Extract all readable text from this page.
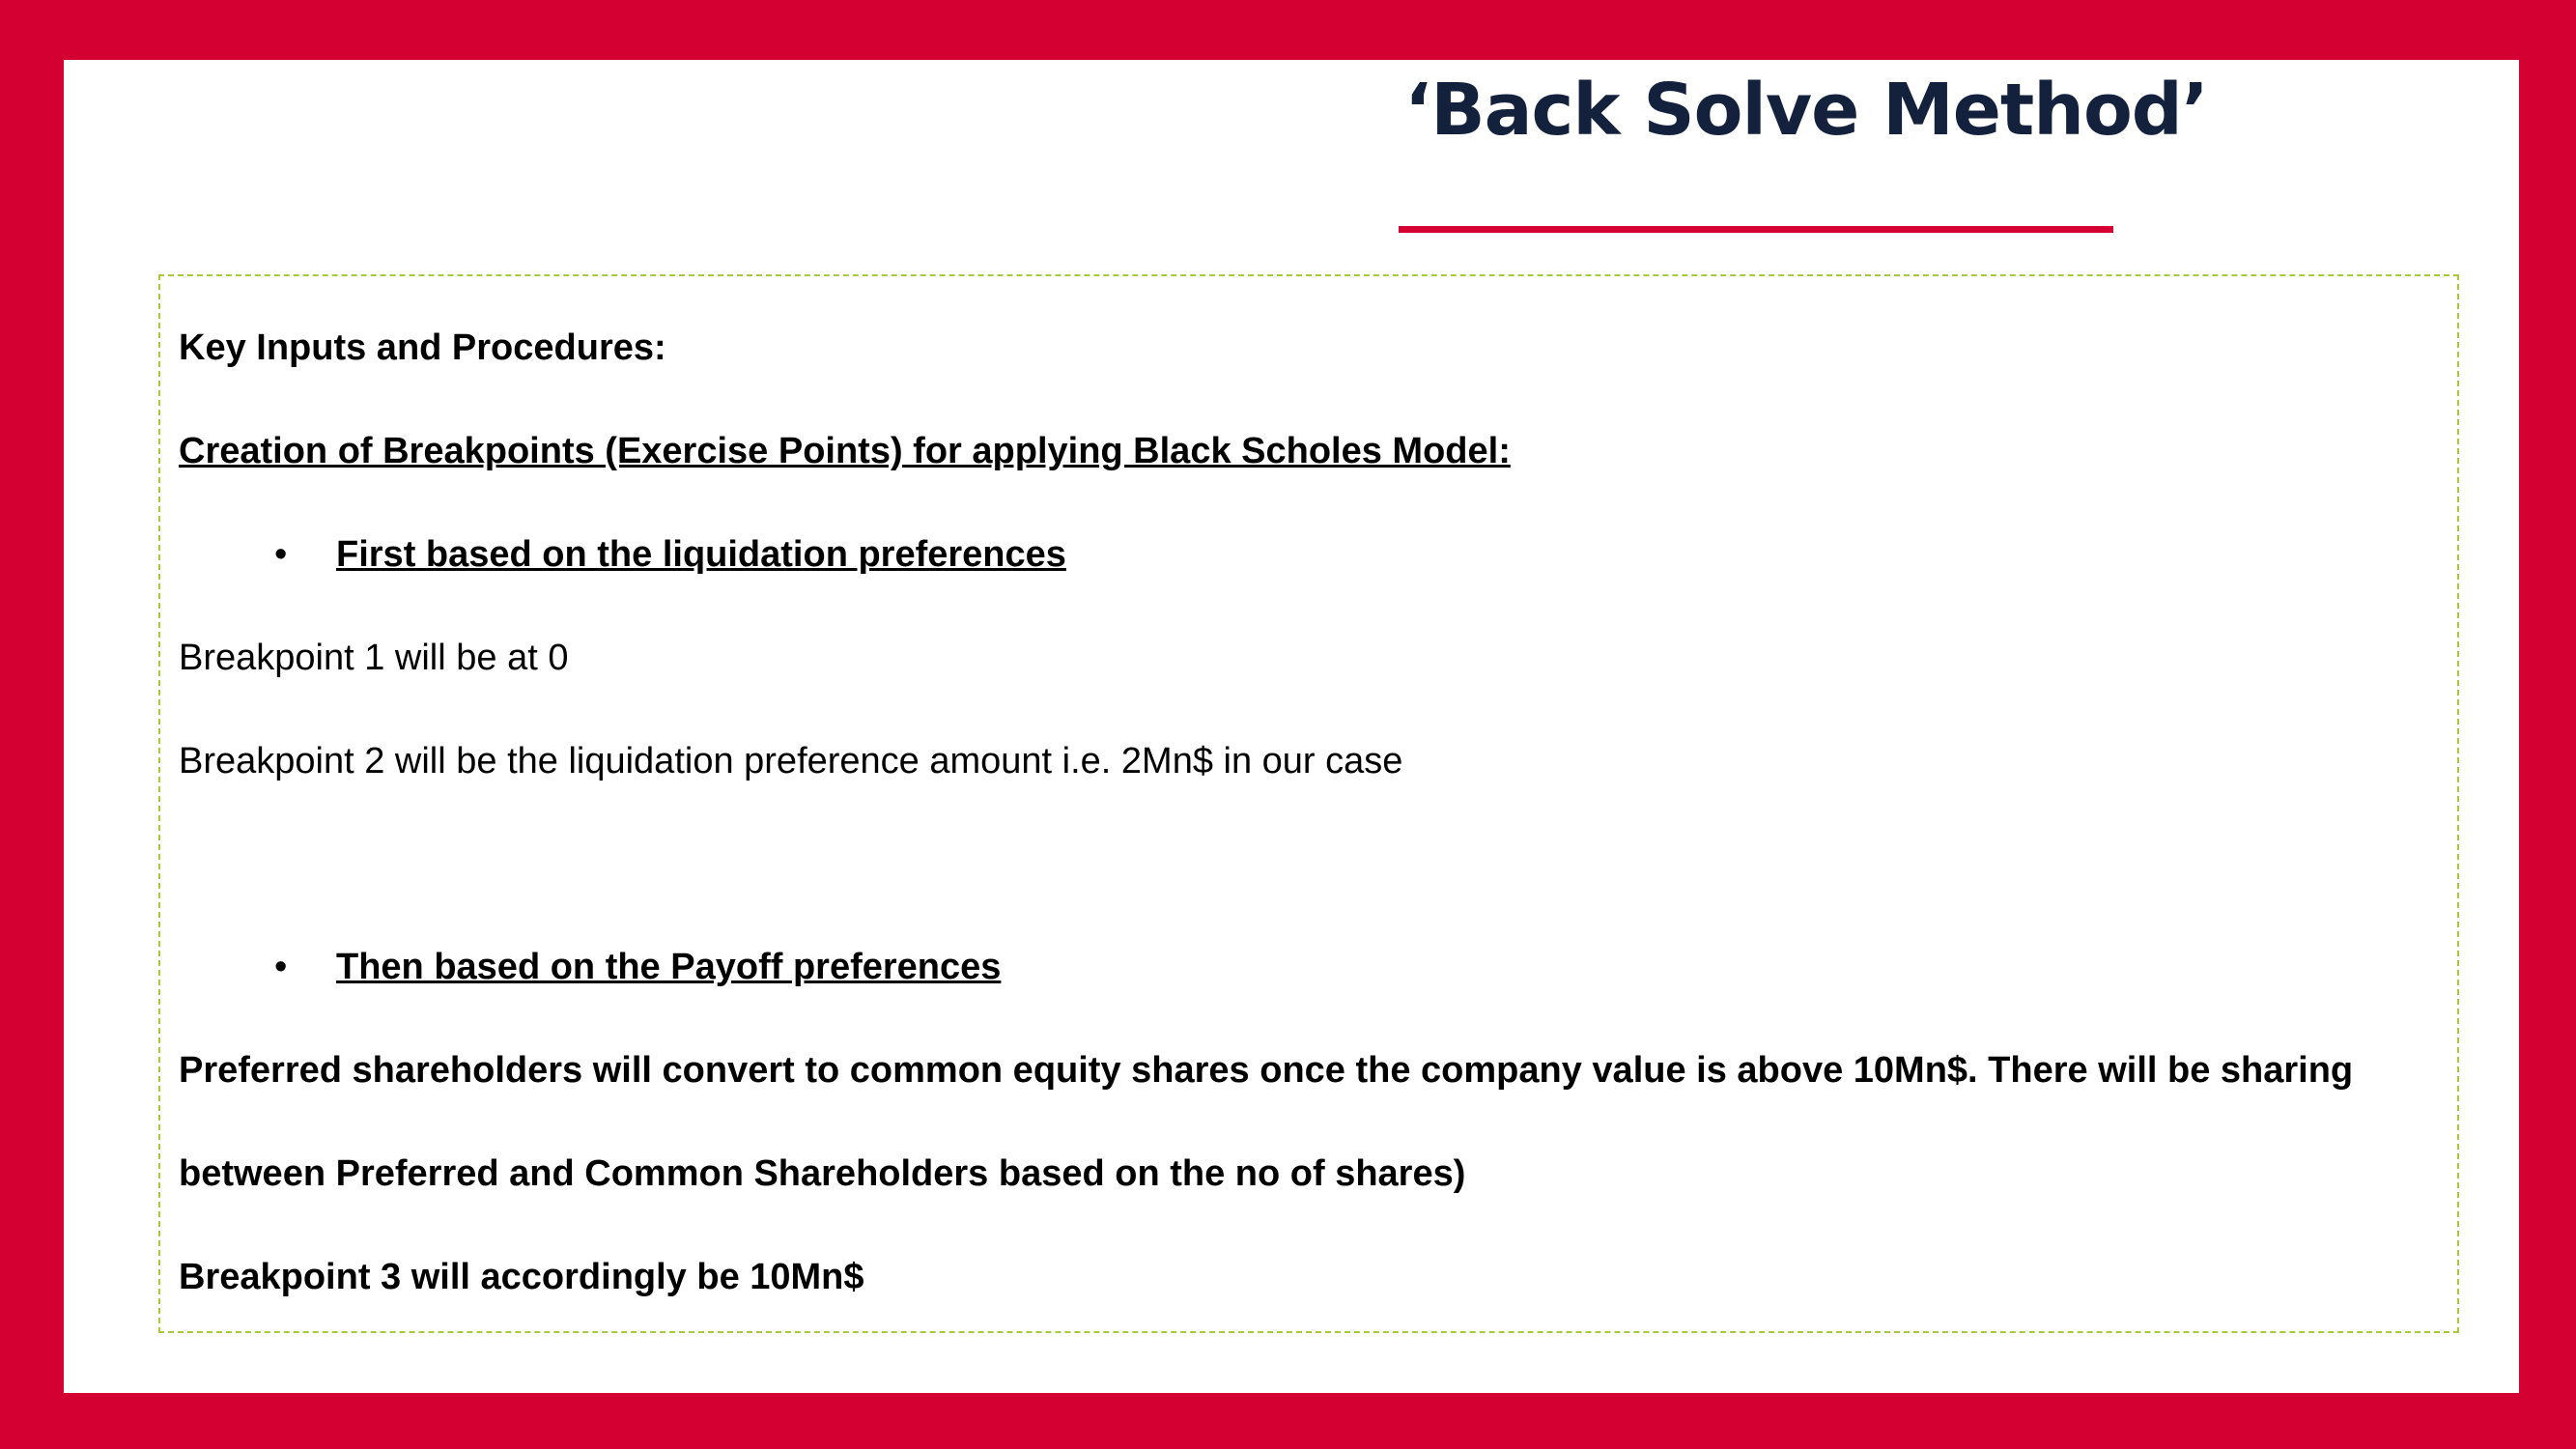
‘Back Solve Method’
Key Inputs and Procedures:
Creation of Breakpoints (Exercise Points) for applying Black Scholes Model:
• First based on the liquidation preferences
Breakpoint 1 will be at 0
Breakpoint 2 will be the liquidation preference amount i.e. 2Mn$ in our case
• Then based on the Payoff preferences
Preferred shareholders will convert to common equity shares once the company value is above 10Mn$. There will be sharing
between Preferred and Common Shareholders based on the no of shares)
Breakpoint 3 will accordingly be 10Mn$
